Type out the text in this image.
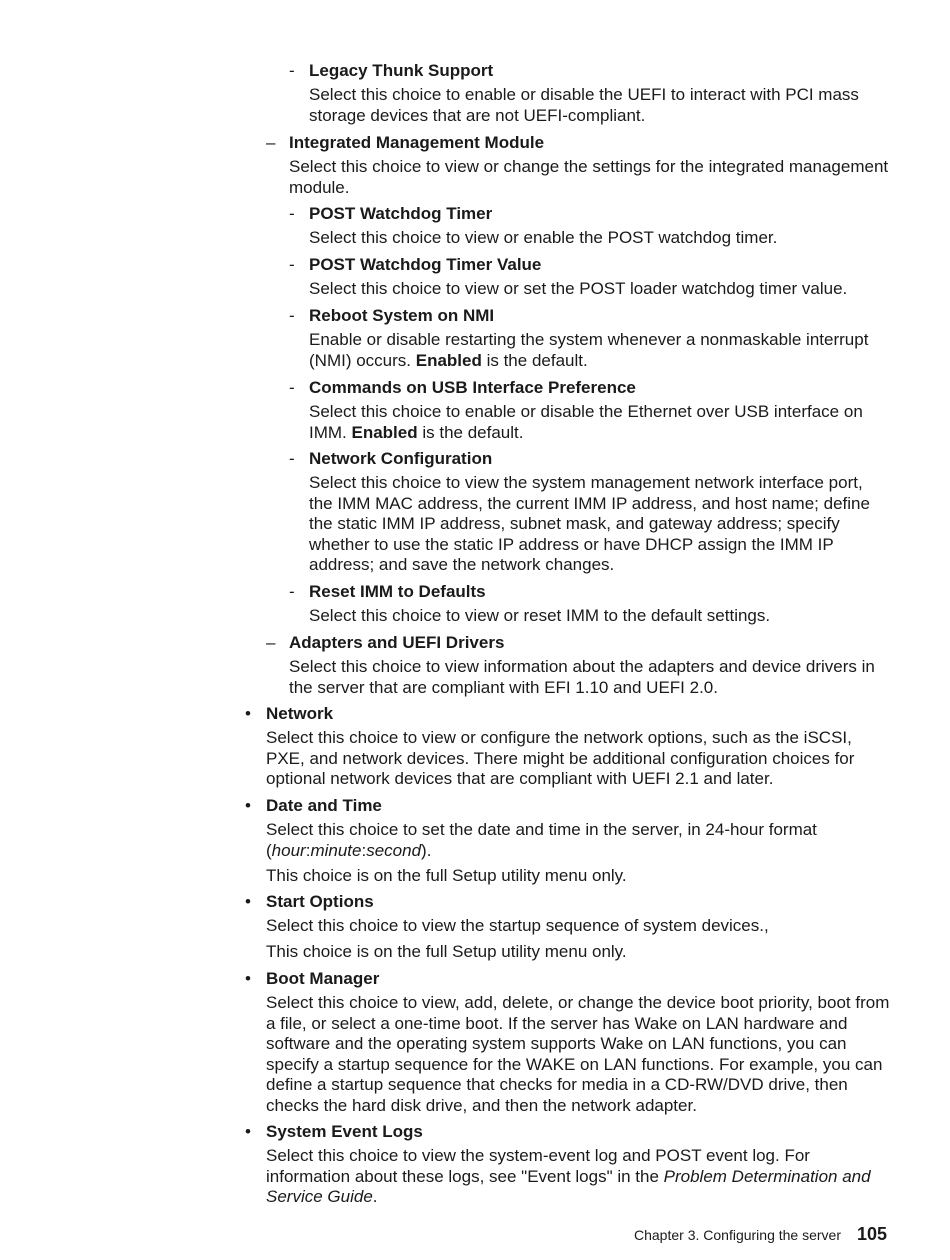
- Legacy Thunk Support
Select this choice to enable or disable the UEFI to interact with PCI mass storage devices that are not UEFI-compliant.
– Integrated Management Module
Select this choice to view or change the settings for the integrated management module.
- POST Watchdog Timer
Select this choice to view or enable the POST watchdog timer.
- POST Watchdog Timer Value
Select this choice to view or set the POST loader watchdog timer value.
- Reboot System on NMI
Enable or disable restarting the system whenever a nonmaskable interrupt (NMI) occurs. Enabled is the default.
- Commands on USB Interface Preference
Select this choice to enable or disable the Ethernet over USB interface on IMM. Enabled is the default.
- Network Configuration
Select this choice to view the system management network interface port, the IMM MAC address, the current IMM IP address, and host name; define the static IMM IP address, subnet mask, and gateway address; specify whether to use the static IP address or have DHCP assign the IMM IP address; and save the network changes.
- Reset IMM to Defaults
Select this choice to view or reset IMM to the default settings.
– Adapters and UEFI Drivers
Select this choice to view information about the adapters and device drivers in the server that are compliant with EFI 1.10 and UEFI 2.0.
• Network
Select this choice to view or configure the network options, such as the iSCSI, PXE, and network devices. There might be additional configuration choices for optional network devices that are compliant with UEFI 2.1 and later.
• Date and Time
Select this choice to set the date and time in the server, in 24-hour format (hour:minute:second).
This choice is on the full Setup utility menu only.
• Start Options
Select this choice to view the startup sequence of system devices.,
This choice is on the full Setup utility menu only.
• Boot Manager
Select this choice to view, add, delete, or change the device boot priority, boot from a file, or select a one-time boot. If the server has Wake on LAN hardware and software and the operating system supports Wake on LAN functions, you can specify a startup sequence for the WAKE on LAN functions. For example, you can define a startup sequence that checks for media in a CD-RW/DVD drive, then checks the hard disk drive, and then the network adapter.
• System Event Logs
Select this choice to view the system-event log and POST event log. For information about these logs, see "Event logs" in the Problem Determination and Service Guide.
Chapter 3. Configuring the server 105
